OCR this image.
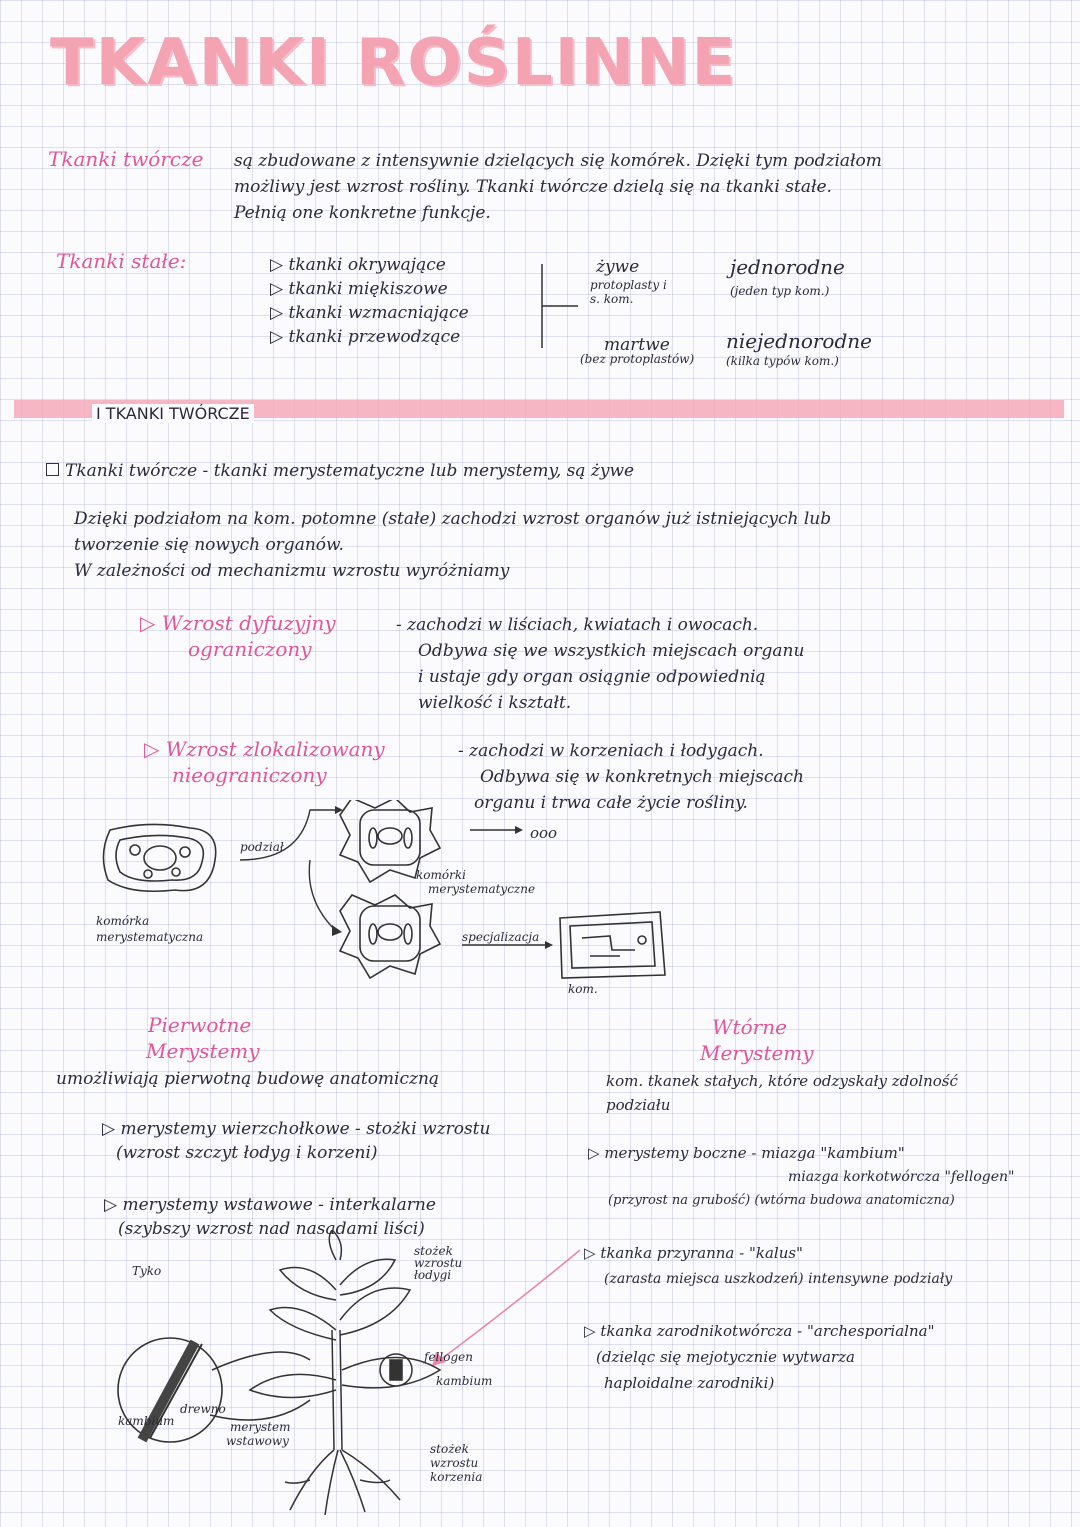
TKANKI ROŚLINNE
Tkanki twórcze są zbudowane z intensywnie dzielących się komórek. Dzięki tym podziałom
możliwy jest wzrost rośliny. Tkanki twórcze dzielą się na tkanki stałe.
Pełnią one konkretne funkcje.
Tkanki stałe:	▷ tkanki okrywające
▷ tkanki miękiszowe
▷ tkanki wzmacniające
▷ tkanki przewodzące
żywe
protoplasty i s. kom.
martwe
(bez protoplastów)
jednorodne
(jeden typ kom.)
niejednorodne
(kilka typów kom.)
I TKANKI TWÓRCZE
Tkanki twórcze - tkanki merystematyczne lub merystemy, są żywe
Dzięki podziałom na kom. potomne (stałe) zachodzi wzrost organów już istniejących lub
tworzenie się nowych organów.
W zależności od mechanizmu wzrostu wyróżniamy
▷ Wzrost dyfuzyjny
ograniczony
- zachodzi w liściach, kwiatach i owocach.
Odbywa się we wszystkich miejscach organu
i ustaje gdy organ osiągnie odpowiednią
wielkość i kształt.
▷ Wzrost zlokalizowany
nieograniczony
- zachodzi w korzeniach i łodygach.
Odbywa się w konkretnych miejscach
organu i trwa całe życie rośliny.
podział
ooo
komórka
merystematyczna
komórki
merystematyczne
specjalizacja
kom.
Pierwotne
Merystemy
umożliwiają pierwotną budowę anatomiczną
▷ merystemy wierzchołkowe - stożki wzrostu
(wzrost szczyt łodyg i korzeni)
▷ merystemy wstawowe - interkalarne
(szybszy wzrost nad nasadami liści)
Wtórne
Merystemy
kom. tkanek stałych, które odzyskały zdolność
podziału
▷ merystemy boczne - miazga "kambium"
miazga korkotwórcza "fellogen"
(przyrost na grubość) (wtórna budowa anatomiczna)
▷ tkanka przyranna - "kalus"
(zarasta miejsca uszkodzeń) intensywne podziały
▷ tkanka zarodnikotwórcza - "archesporialna"
(dzieląc się mejotycznie wytwarza
haploidalne zarodniki)
Tyko
drewno
kambium	merystem
wstawowy
stożek
wzrostu
łodygi
fellogen
kambium
stożek
wzrostu
korzenia
